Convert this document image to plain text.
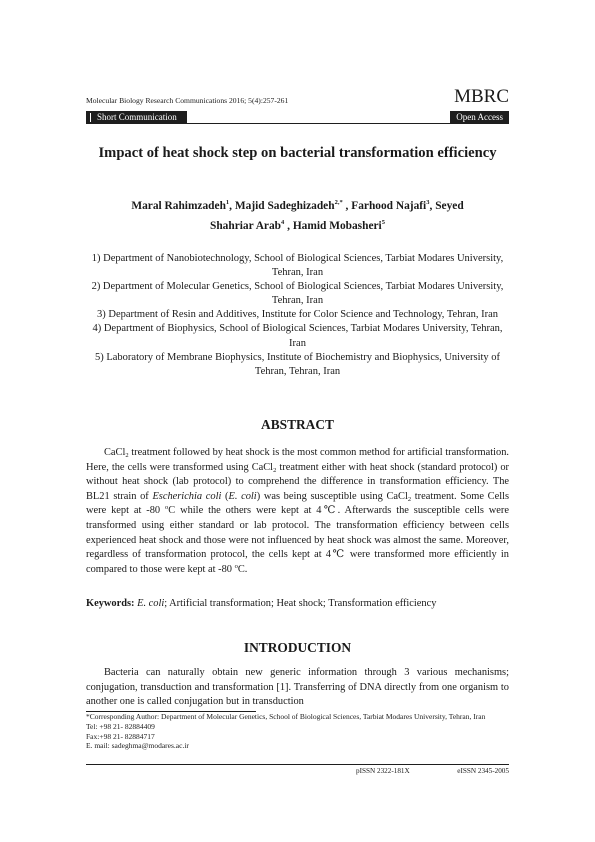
Molecular Biology Research Communications 2016; 5(4):257-261	MBRC
Short Communication	Open Access
Impact of heat shock step on bacterial transformation efficiency
Maral Rahimzadeh$^1$, Majid Sadeghizadeh$^{2,*}$ , Farhood Najafi$^3$, Seyed
Shahriar Arab$^4$ , Hamid Mobasheri$^5$

1) Department of Nanobiotechnology, School of Biological Sciences, Tarbiat Modares University, Tehran, Iran

2) Department of Molecular Genetics, School of Biological Sciences, Tarbiat Modares University, Tehran, Iran

3) Department of Resin and Additives, Institute for Color Science and Technology, Tehran, Iran

4) Department of Biophysics, School of Biological Sciences, Tarbiat Modares University, Tehran, Iran

5) Laboratory of Membrane Biophysics, Institute of Biochemistry and Biophysics, University of Tehran, Tehran, Iran

ABSTRACT
CaCl$_2$ treatment followed by heat shock is the most common method for artificial transformation. Here, the cells were transformed using CaCl$_2$ treatment either with heat shock (standard protocol) or without heat shock (lab protocol) to comprehend the difference in transformation efficiency. The BL21 strain of Escherichia coli (E. coli) was being susceptible using CaCl$_2$ treatment. Some Cells were kept at -80 $^o$C while the others were kept at 4℃. Afterwards the susceptible cells were transformed using either standard or lab protocol. The transformation efficiency between cells experienced heat shock and those were not influenced by heat shock was almost the same. Moreover, regardless of transformation protocol, the cells kept at 4℃ were transformed more efficiently in compared to those were kept at -80 $^o$C.
Keywords: E. coli; Artificial transformation; Heat shock; Transformation efficiency
INTRODUCTION
Bacteria can naturally obtain new generic information through 3 various mechanisms; conjugation, transduction and transformation [1]. Transferring of DNA directly from one organism to another one is called conjugation but in transduction

*Corresponding Author: Department of Molecular Genetics, School of Biological Sciences, Tarbiat Modares University, Tehran, Iran

Tel: +98 21- 82884409

Fax:+98 21- 82884717

E. mail: sadeghma@modares.ac.ir

pISSN 2322-181X	eISSN 2345-2005
